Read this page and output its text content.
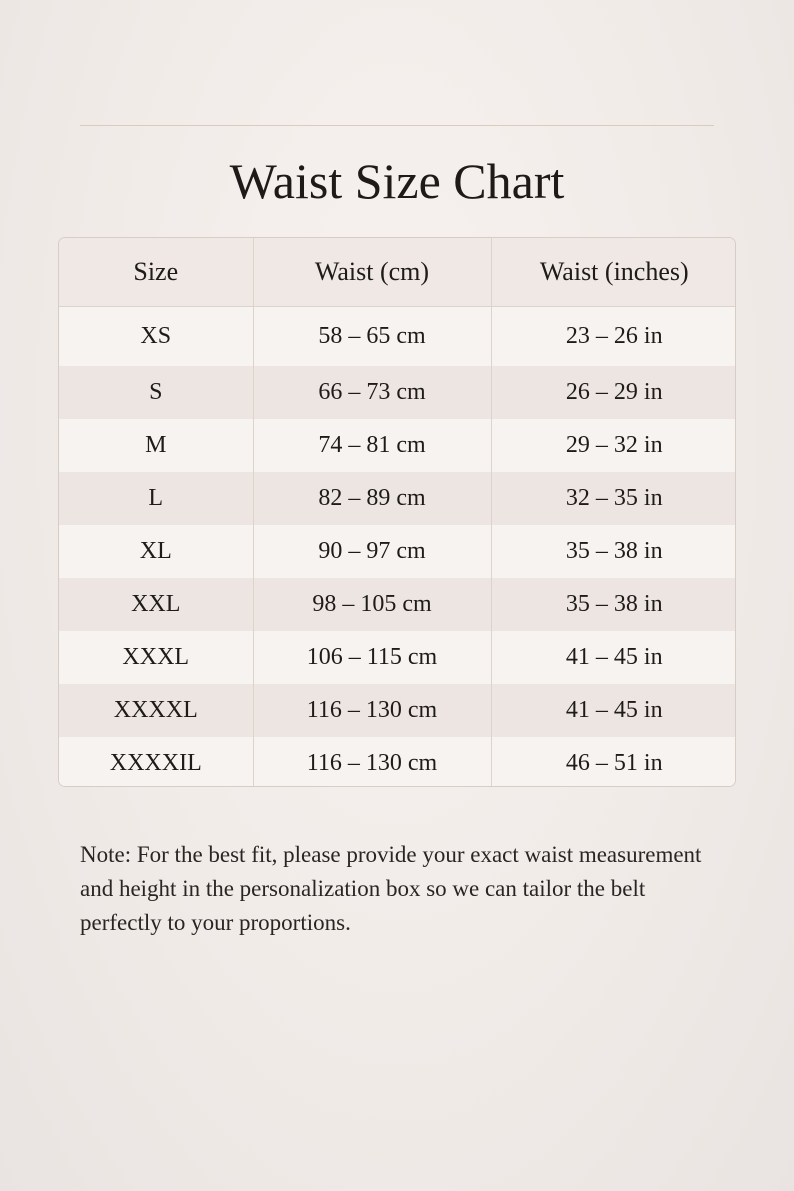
Waist Size Chart
Size	Waist (cm)	Waist (inches)
XS	58 – 65 cm	23 – 26 in
S	66 – 73 cm	26 – 29 in
M	74 – 81 cm	29 – 32 in
L	82 – 89 cm	32 – 35 in
XL	90 – 97 cm	35 – 38 in
XXL	98 – 105 cm	35 – 38 in
XXXL	106 – 115 cm	41 – 45 in
XXXXL	116 – 130 cm	41 – 45 in
XXXXIL	116 – 130 cm	46 – 51 in

Note: For the best fit, please provide your exact waist measurement and height in the personalization box so we can tailor the belt perfectly to your proportions.
